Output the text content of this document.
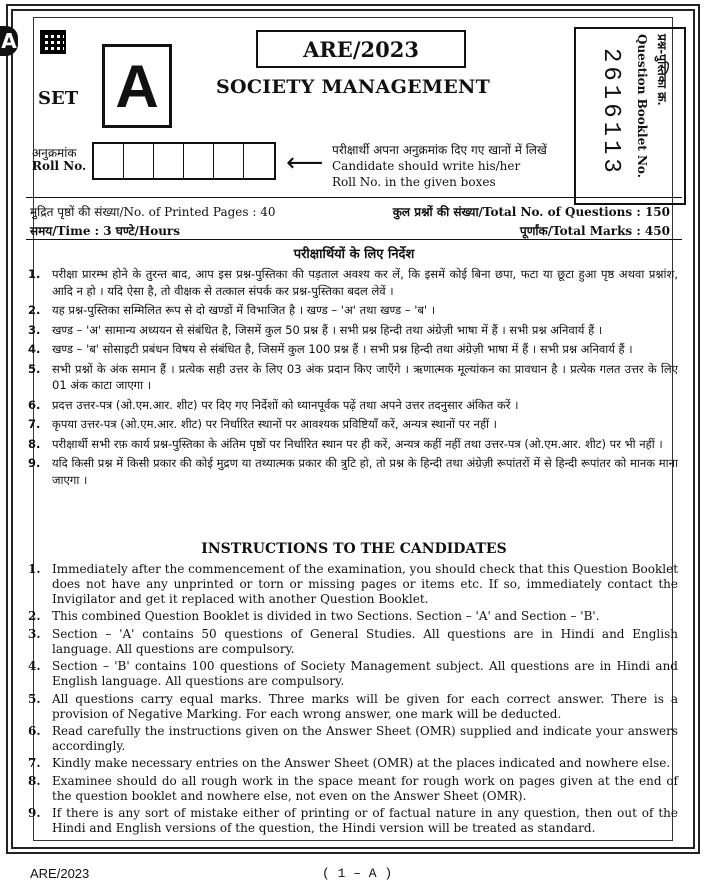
A
SET A
ARE/2023
SOCIETY MANAGEMENT	2616113	प्रश्न-पुस्तिका क्र.
Question Booklet No.
अनुक्रमांक
Roll No.	⟵ परीक्षार्थी अपना अनुक्रमांक दिए गए खानों में लिखें
Candidate should write his/her
Roll No. in the given boxes
मुद्रित पृष्ठों की संख्या/No. of Printed Pages : 40	कुल प्रश्नों की संख्या/Total No. of Questions : 150
समय/Time : 3 घण्टे/Hours	पूर्णांक/Total Marks : 450
परीक्षार्थियों के लिए निर्देश
1.	परीक्षा प्रारम्भ होने के तुरन्त बाद, आप इस प्रश्न-पुस्तिका की पड़ताल अवश्य कर लें, कि इसमें कोई बिना छपा, फटा या छूटा हुआ पृष्ठ अथवा प्रश्नांश, आदि न हो । यदि ऐसा है, तो वीक्षक से तत्काल संपर्क कर प्रश्न-पुस्तिका बदल लेवें ।
2.	यह प्रश्न-पुस्तिका सम्मिलित रूप से दो खण्डों में विभाजित है । खण्ड – 'अ' तथा खण्ड – 'ब' ।
3.	खण्ड – 'अ' सामान्य अध्ययन से संबंधित है, जिसमें कुल 50 प्रश्न हैं । सभी प्रश्न हिन्दी तथा अंग्रेज़ी भाषा में हैं । सभी प्रश्न अनिवार्य हैं ।
4.	खण्ड – 'ब' सोसाइटी प्रबंधन विषय से संबंधित है, जिसमें कुल 100 प्रश्न हैं । सभी प्रश्न हिन्दी तथा अंग्रेज़ी भाषा में हैं । सभी प्रश्न अनिवार्य हैं ।
5.	सभी प्रश्नों के अंक समान हैं । प्रत्येक सही उत्तर के लिए 03 अंक प्रदान किए जाएँगे । ऋणात्मक मूल्यांकन का प्रावधान है । प्रत्येक गलत उत्तर के लिए 01 अंक काटा जाएगा ।
6.	प्रदत्त उत्तर-पत्र (ओ.एम.आर. शीट) पर दिए गए निर्देशों को ध्यानपूर्वक पढ़ें तथा अपने उत्तर तदनुसार अंकित करें ।
7.	कृपया उत्तर-पत्र (ओ.एम.आर. शीट) पर निर्धारित स्थानों पर आवश्यक प्रविष्टियाँ करें, अन्यत्र स्थानों पर नहीं ।
8.	परीक्षार्थी सभी रफ़ कार्य प्रश्न-पुस्तिका के अंतिम पृष्ठों पर निर्धारित स्थान पर ही करें, अन्यत्र कहीं नहीं तथा उत्तर-पत्र (ओ.एम.आर. शीट) पर भी नहीं ।
9.	यदि किसी प्रश्न में किसी प्रकार की कोई मुद्रण या तथ्यात्मक प्रकार की त्रुटि हो, तो प्रश्न के हिन्दी तथा अंग्रेज़ी रूपांतरों में से हिन्दी रूपांतर को मानक माना जाएगा ।
INSTRUCTIONS TO THE CANDIDATES
1. Immediately after the commencement of the examination, you should check that this Question Booklet does not have any unprinted or torn or missing pages or items etc. If so, immediately contact the Invigilator and get it replaced with another Question Booklet.
2. This combined Question Booklet is divided in two Sections. Section – 'A' and Section – 'B'.
3. Section – 'A' contains 50 questions of General Studies. All questions are in Hindi and English language. All questions are compulsory.
4. Section – 'B' contains 100 questions of Society Management subject. All questions are in Hindi and English language. All questions are compulsory.
5. All questions carry equal marks. Three marks will be given for each correct answer. There is a provision of Negative Marking. For each wrong answer, one mark will be deducted.
6. Read carefully the instructions given on the Answer Sheet (OMR) supplied and indicate your answers accordingly.
7. Kindly make necessary entries on the Answer Sheet (OMR) at the places indicated and nowhere else.
8. Examinee should do all rough work in the space meant for rough work on pages given at the end of the question booklet and nowhere else, not even on the Answer Sheet (OMR).
9. If there is any sort of mistake either of printing or of factual nature in any question, then out of the Hindi and English versions of the question, the Hindi version will be treated as standard.
ARE/2023	( 1 – A )
